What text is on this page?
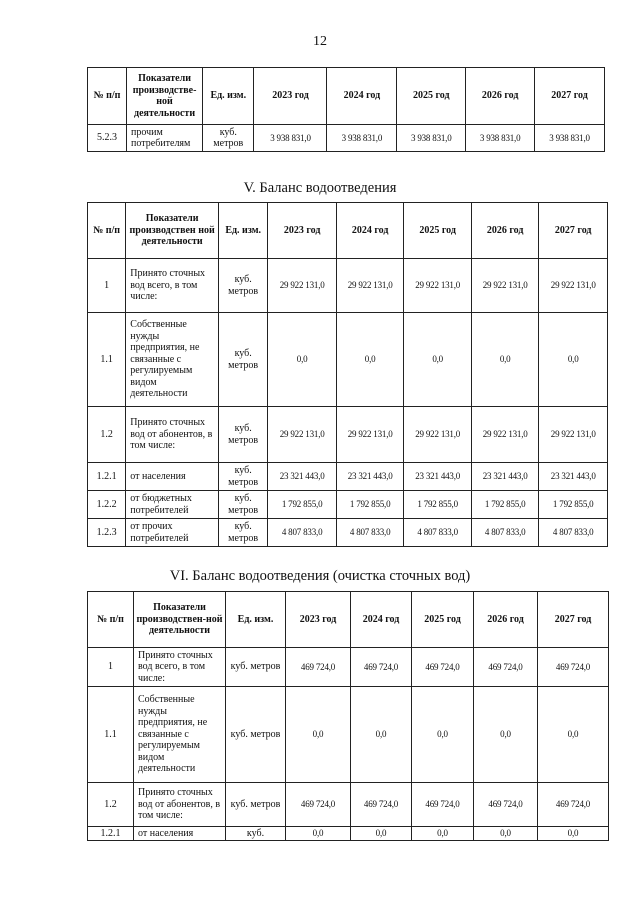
12
№ п/п	Показатели производстве-ной деятельности	Ед. изм.	2023 год	2024 год	2025 год	2026 год	2027 год
5.2.3	прочим потребителям	куб. метров	3 938 831,0	3 938 831,0	3 938 831,0	3 938 831,0	3 938 831,0
V. Баланс водоотведения
№ п/п	Показатели производствен ной деятельности	Ед. изм.	2023 год	2024 год	2025 год	2026 год	2027 год
1	Принято сточных вод всего, в том числе:	куб. метров	29 922 131,0	29 922 131,0	29 922 131,0	29 922 131,0	29 922 131,0
1.1	Собственные нужды предприятия, не связанные с регулируемым видом деятельности	куб. метров	0,0	0,0	0,0	0,0	0,0
1.2	Принято сточных вод от абонентов, в том числе:	куб. метров	29 922 131,0	29 922 131,0	29 922 131,0	29 922 131,0	29 922 131,0
1.2.1	от населения	куб. метров	23 321 443,0	23 321 443,0	23 321 443,0	23 321 443,0	23 321 443,0
1.2.2	от бюджетных потребителей	куб. метров	1 792 855,0	1 792 855,0	1 792 855,0	1 792 855,0	1 792 855,0
1.2.3	от прочих потребителей	куб. метров	4 807 833,0	4 807 833,0	4 807 833,0	4 807 833,0	4 807 833,0
VI. Баланс водоотведения (очистка сточных вод)
№ п/п	Показатели производствен-ной деятельности	Ед. изм.	2023 год	2024 год	2025 год	2026 год	2027 год
1	Принято сточных вод всего, в том числе:	куб. метров	469 724,0	469 724,0	469 724,0	469 724,0	469 724,0
1.1	Собственные нужды предприятия, не связанные с регулируемым видом деятельности	куб. метров	0,0	0,0	0,0	0,0	0,0
1.2	Принято сточных вод от абонентов, в том числе:	куб. метров	469 724,0	469 724,0	469 724,0	469 724,0	469 724,0
1.2.1	от населения	куб.	0,0	0,0	0,0	0,0	0,0
